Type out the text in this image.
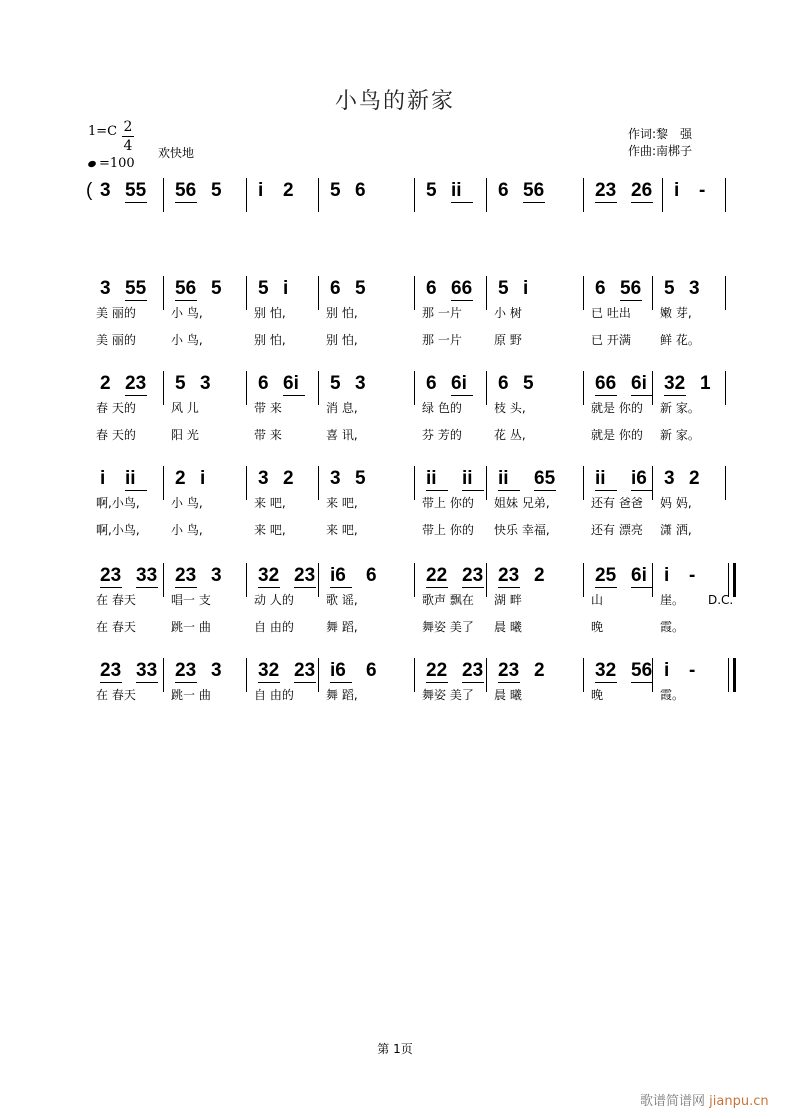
小鸟的新家
1=C 2
4
=100
欢快地
作词:黎　强
作曲:南梆子
3 55 56 5 i 2 5 6	5 ii 6 56	23 26 i -
3 55 56 5 5 i 6 5	6 66 5 i	6 56 5 3
美 丽的	小 鸟,	别 怕,	别 怕,	那 一片	小 树	已 吐出 嫩 芽,
美 丽的	小 鸟,	别 怕,	别 怕,	那 一片	原 野	已 开满 鲜 花。
2 23 5 3 6 6i 5 3	6 6i 6 5	66 6i 32 1
春 天的	风 儿	带 来	消 息,	绿 色的	枝 头,	就是 你的 新 家。
春 天的	阳 光	带 来	喜 讯,	芬 芳的	花 丛,	就是 你的 新 家。
i ii 2 i	3 2 3 5	ii ii ii 65 ii i6 3 2
啊,小鸟,	小 鸟,	来 吧,	来 吧,	带上 你的 姐妹 兄弟,	还有 爸爸 妈 妈,
啊,小鸟,	小 鸟,	来 吧,	来 吧,	带上 你的 快乐 幸福,	还有 漂亮 潇 洒,
23 33 23 3 32 23 i6 6	22 23 23 2	25 6i i -
在 春天	唱一 支	动 人的	歌 谣,	歌声 飘在 湖 畔	山	崖。
在 春天	跳一 曲	自 由的	舞 蹈,	舞姿 美了 晨 曦	晚	霞。
D.C.
23 33 23 3 32 23 i6 6	22 23 23 2	32 56 i -
在 春天	跳一 曲	自 由的	舞 蹈,	舞姿 美了 晨 曦	晚	霞。
(
第 1页
歌谱简谱网 jianpu.cn
